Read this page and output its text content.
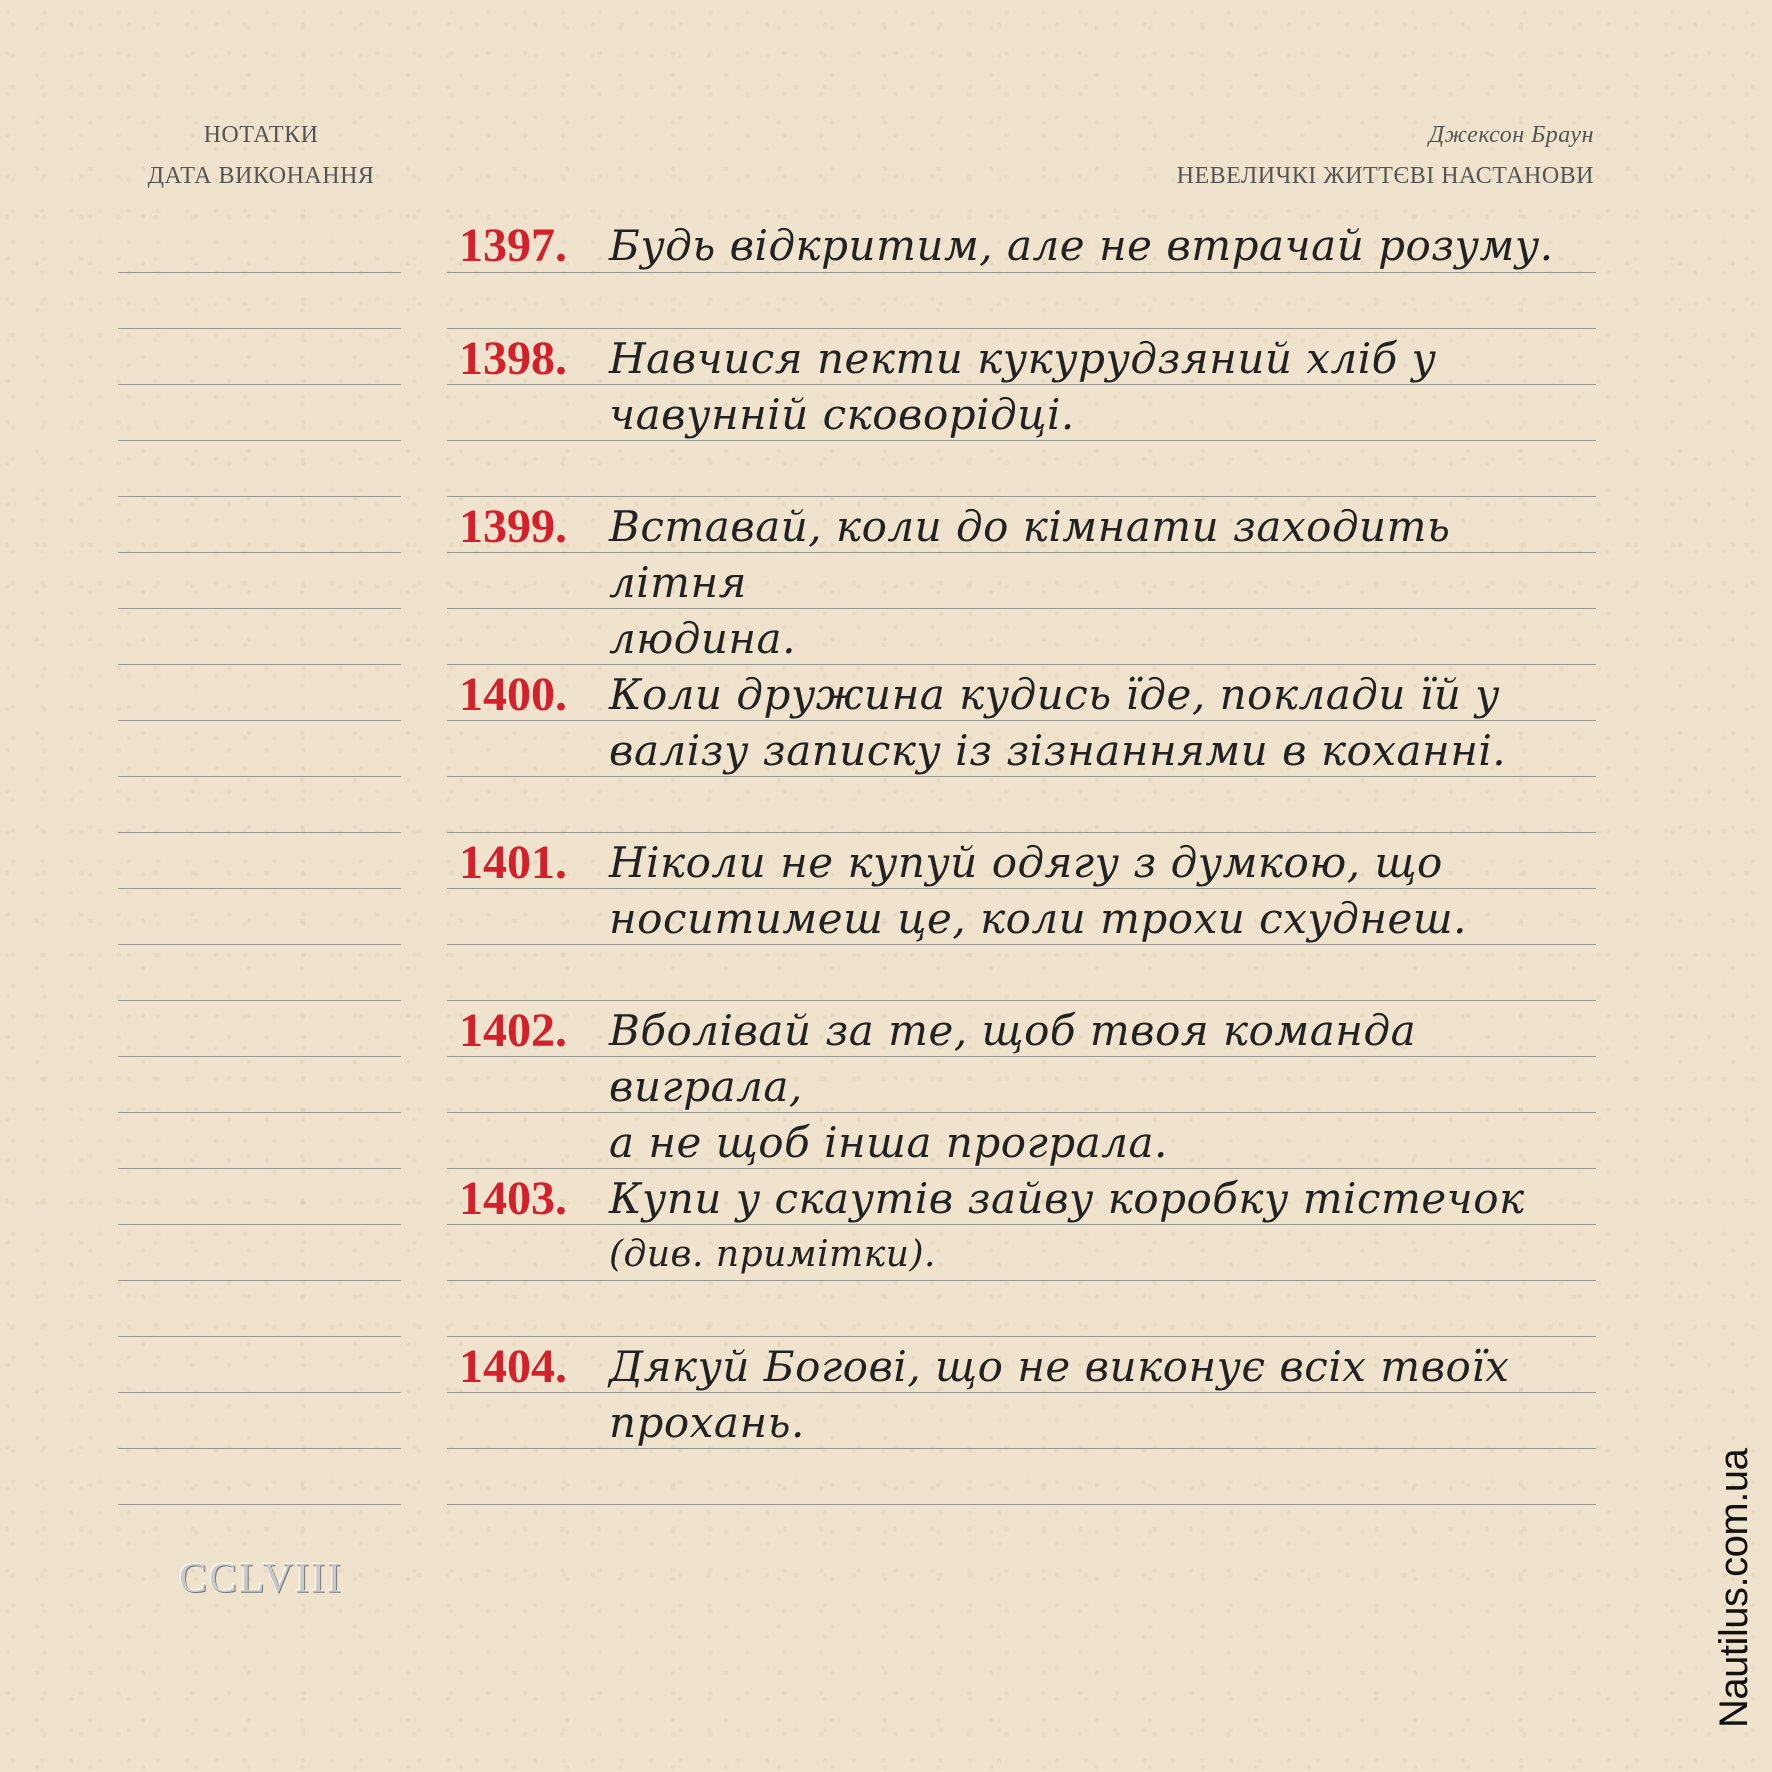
НОТАТКИ
ДАТА ВИКОНАННЯ
Джексон Браун
НЕВЕЛИЧКІ ЖИТТЄВІ НАСТАНОВИ
1397. Будь відкритим, але не втрачай розуму.
1398. Навчися пекти кукурудзяний хліб у
чавунній сковорідці.
1399. Вставай, коли до кімнати заходить літня
людина.
1400. Коли дружина кудись їде, поклади їй у
валізу записку із зізнаннями в коханні.
1401. Ніколи не купуй одягу з думкою, що
носитимеш це, коли трохи схуднеш.
1402. Вболівай за те, щоб твоя команда виграла,
а не щоб інша програла.
1403. Купи у скаутів зайву коробку тістечок
(див. примітки).
1404. Дякуй Богові, що не виконує всіх твоїх
прохань.
CCLVIII	Nautilus.com.ua
